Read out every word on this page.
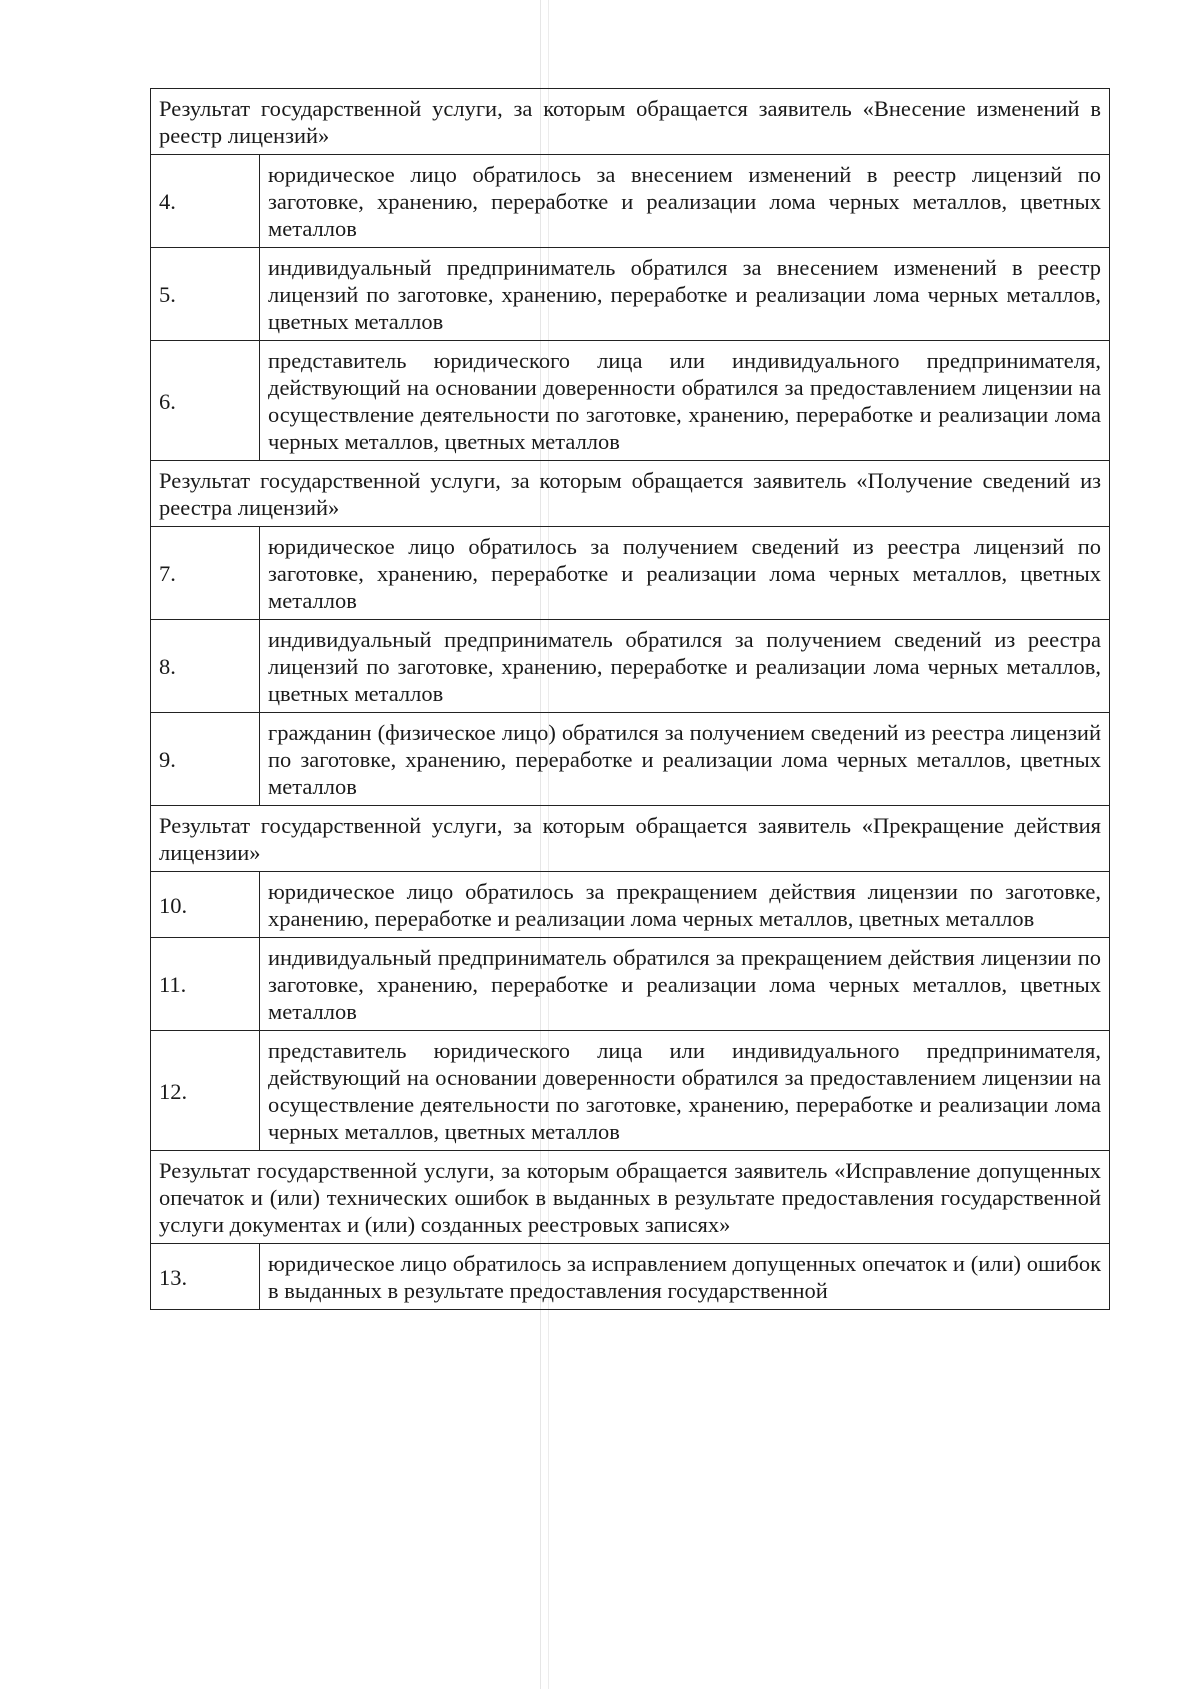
Результат государственной услуги, за которым обращается заявитель «Внесение изменений в реестр лицензий»	
4.	юридическое лицо обратилось за внесением изменений в реестр лицензий по заготовке, хранению, переработке и реализации лома черных металлов, цветных металлов
5.	индивидуальный предприниматель обратился за внесением изменений в реестр лицензий по заготовке, хранению, переработке и реализации лома черных металлов, цветных металлов
6.	представитель юридического лица или индивидуального предпринимателя, действующий на основании доверенности обратился за предоставлением лицензии на осуществление деятельности по заготовке, хранению, переработке и реализации лома черных металлов, цветных металлов
Результат государственной услуги, за которым обращается заявитель «Получение сведений из реестра лицензий»	
7.	юридическое лицо обратилось за получением сведений из реестра лицензий по заготовке, хранению, переработке и реализации лома черных металлов, цветных металлов
8.	индивидуальный предприниматель обратился за получением сведений из реестра лицензий по заготовке, хранению, переработке и реализации лома черных металлов, цветных металлов
9.	гражданин (физическое лицо) обратился за получением сведений из реестра лицензий по заготовке, хранению, переработке и реализации лома черных металлов, цветных металлов
Результат государственной услуги, за которым обращается заявитель «Прекращение действия лицензии»	
10.	юридическое лицо обратилось за прекращением действия лицензии по заготовке, хранению, переработке и реализации лома черных металлов, цветных металлов
11.	индивидуальный предприниматель обратился за прекращением действия лицензии по заготовке, хранению, переработке и реализации лома черных металлов, цветных металлов
12.	представитель юридического лица или индивидуального предпринимателя, действующий на основании доверенности обратился за предоставлением лицензии на осуществление деятельности по заготовке, хранению, переработке и реализации лома черных металлов, цветных металлов
Результат государственной услуги, за которым обращается заявитель «Исправление допущенных опечаток и (или) технических ошибок в выданных в результате предоставления государственной услуги документах и (или) созданных реестровых записях»	
13.	юридическое лицо обратилось за исправлением допущенных опечаток и (или) ошибок в выданных в результате предоставления государственной
